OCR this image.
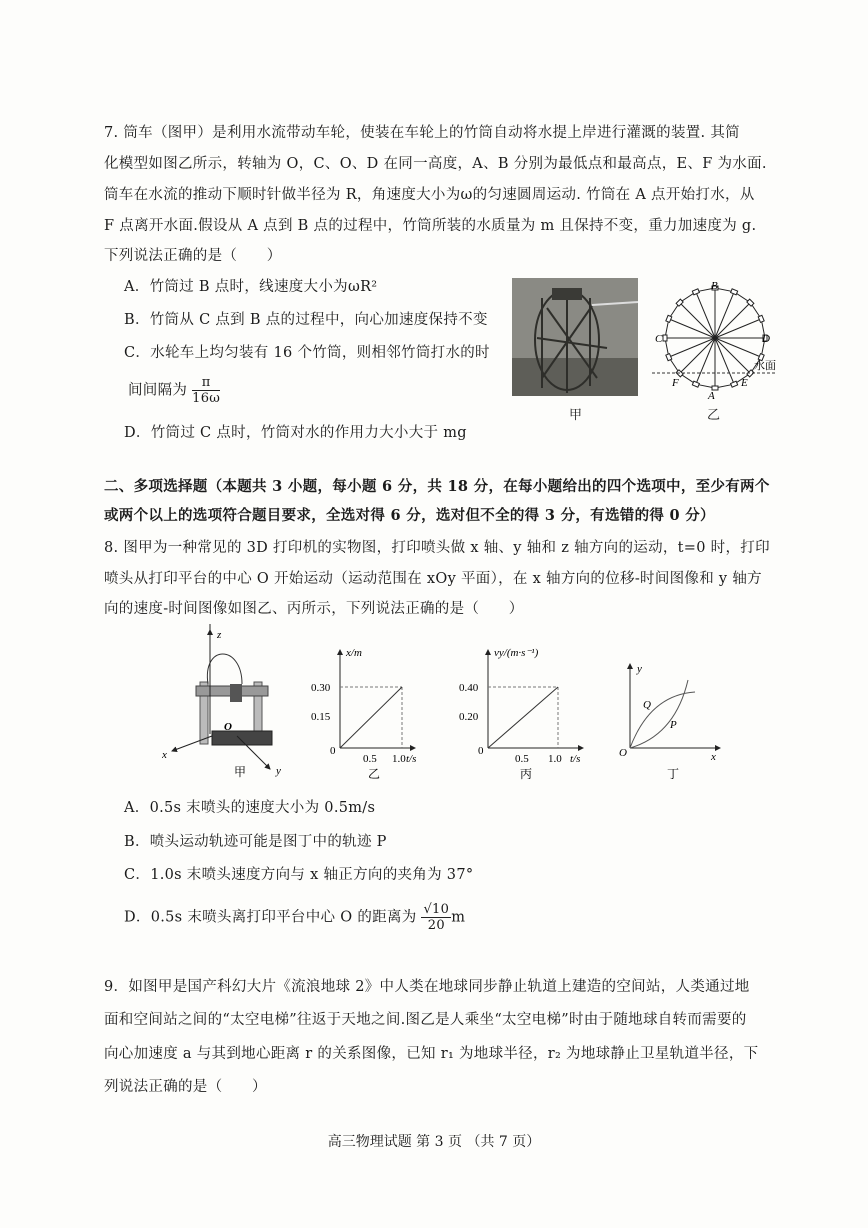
7. 筒车（图甲）是利用水流带动车轮，使装在车轮上的竹筒自动将水提上岸进行灌溉的装置. 其简
化模型如图乙所示，转轴为 O，C、O、D 在同一高度，A、B 分别为最低点和最高点，E、F 为水面.
筒车在水流的推动下顺时针做半径为 R，角速度大小为ω的匀速圆周运动. 竹筒在 A 点开始打水，从
F 点离开水面.假设从 A 点到 B 点的过程中，竹筒所装的水质量为 m 且保持不变，重力加速度为 g.
下列说法正确的是（　　）
A．竹筒过 B 点时，线速度大小为ωR²
B．竹筒从 C 点到 B 点的过程中，向心加速度保持不变
C．水轮车上均匀装有 16 个竹筒，则相邻竹筒打水的时
间间隔为 $\frac{\pi}{16\omega}$
D．竹筒过 C 点时，竹筒对水的作用力大小大于 mg
甲
B
C	D
F	E
A
水面
乙
二、多项选择题（本题共 3 小题，每小题 6 分，共 18 分，在每小题给出的四个选项中，至少有两个
或两个以上的选项符合题目要求，全选对得 6 分，选对但不全的得 3 分，有选错的得 0 分）
8. 图甲为一种常见的 3D 打印机的实物图，打印喷头做 x 轴、y 轴和 z 轴方向的运动，t=0 时，打印
喷头从打印平台的中心 O 开始运动（运动范围在 xOy 平面），在 x 轴方向的位移-时间图像和 y 轴方
向的速度-时间图像如图乙、丙所示，下列说法正确的是（　　）
z
x
y
O
甲
x/m
0.30
0.15
0
0.5 1.0 t/s
乙
vy/(m·s⁻¹)
0.40
0.20
0
0.5 1.0 t/s
丙
y
O	x
Q
P
丁
A．0.5s 末喷头的速度大小为 0.5m/s
B．喷头运动轨迹可能是图丁中的轨迹 P
C．1.0s 末喷头速度方向与 x 轴正方向的夹角为 37°
D．0.5s 末喷头离打印平台中心 O 的距离为 $\frac{√10}{20}$ m
9．如图甲是国产科幻大片《流浪地球 2》中人类在地球同步静止轨道上建造的空间站，人类通过地
面和空间站之间的“太空电梯”往返于天地之间.图乙是人乘坐“太空电梯”时由于随地球自转而需要的
向心加速度 a 与其到地心距离 r 的关系图像，已知 r₁ 为地球半径，r₂ 为地球静止卫星轨道半径，下
列说法正确的是（　　）
高三物理试题 第 3 页 （共 7 页）
